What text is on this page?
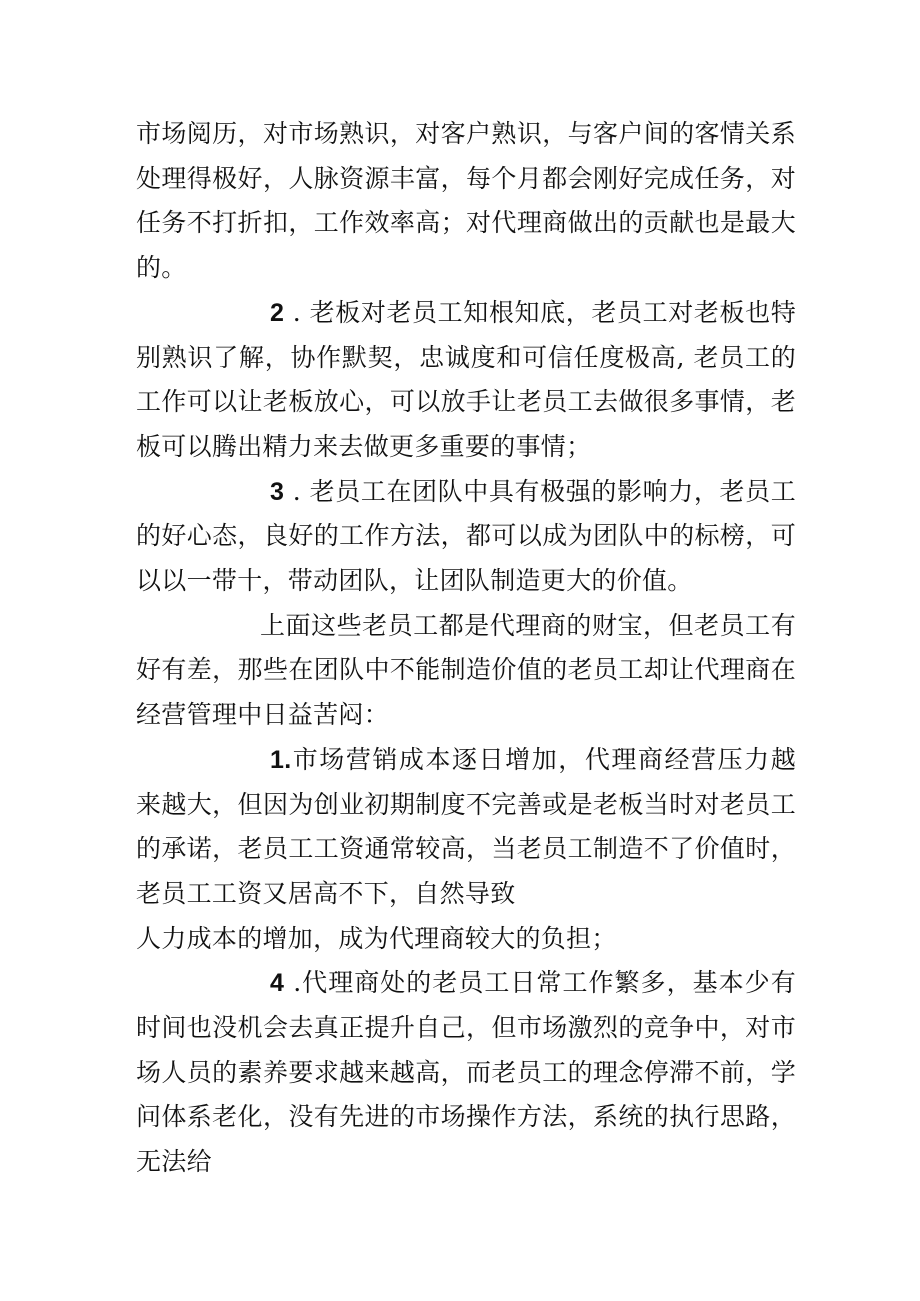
市场阅历，对市场熟识，对客户熟识，与客户间的客情关系处理得极好，人脉资源丰富，每个月都会刚好完成任务，对任务不打折扣，工作效率高；对代理商做出的贡献也是最大的。

2 . 老板对老员工知根知底，老员工对老板也特别熟识了解，协作默契，忠诚度和可信任度极高, 老员工的工作可以让老板放心，可以放手让老员工去做很多事情，老板可以腾出精力来去做更多重要的事情；

3 . 老员工在团队中具有极强的影响力，老员工的好心态，良好的工作方法，都可以成为团队中的标榜，可以以一带十，带动团队，让团队制造更大的价值。

上面这些老员工都是代理商的财宝，但老员工有好有差，那些在团队中不能制造价值的老员工却让代理商在经营管理中日益苦闷：

1.市场营销成本逐日增加，代理商经营压力越来越大，但因为创业初期制度不完善或是老板当时对老员工的承诺，老员工工资通常较高，当老员工制造不了价值时，老员工工资又居高不下，自然导致

人力成本的增加，成为代理商较大的负担；

4 .代理商处的老员工日常工作繁多，基本少有时间也没机会去真正提升自己，但市场激烈的竞争中，对市场人员的素养要求越来越高，而老员工的理念停滞不前，学问体系老化，没有先进的市场操作方法，系统的执行思路，无法给
